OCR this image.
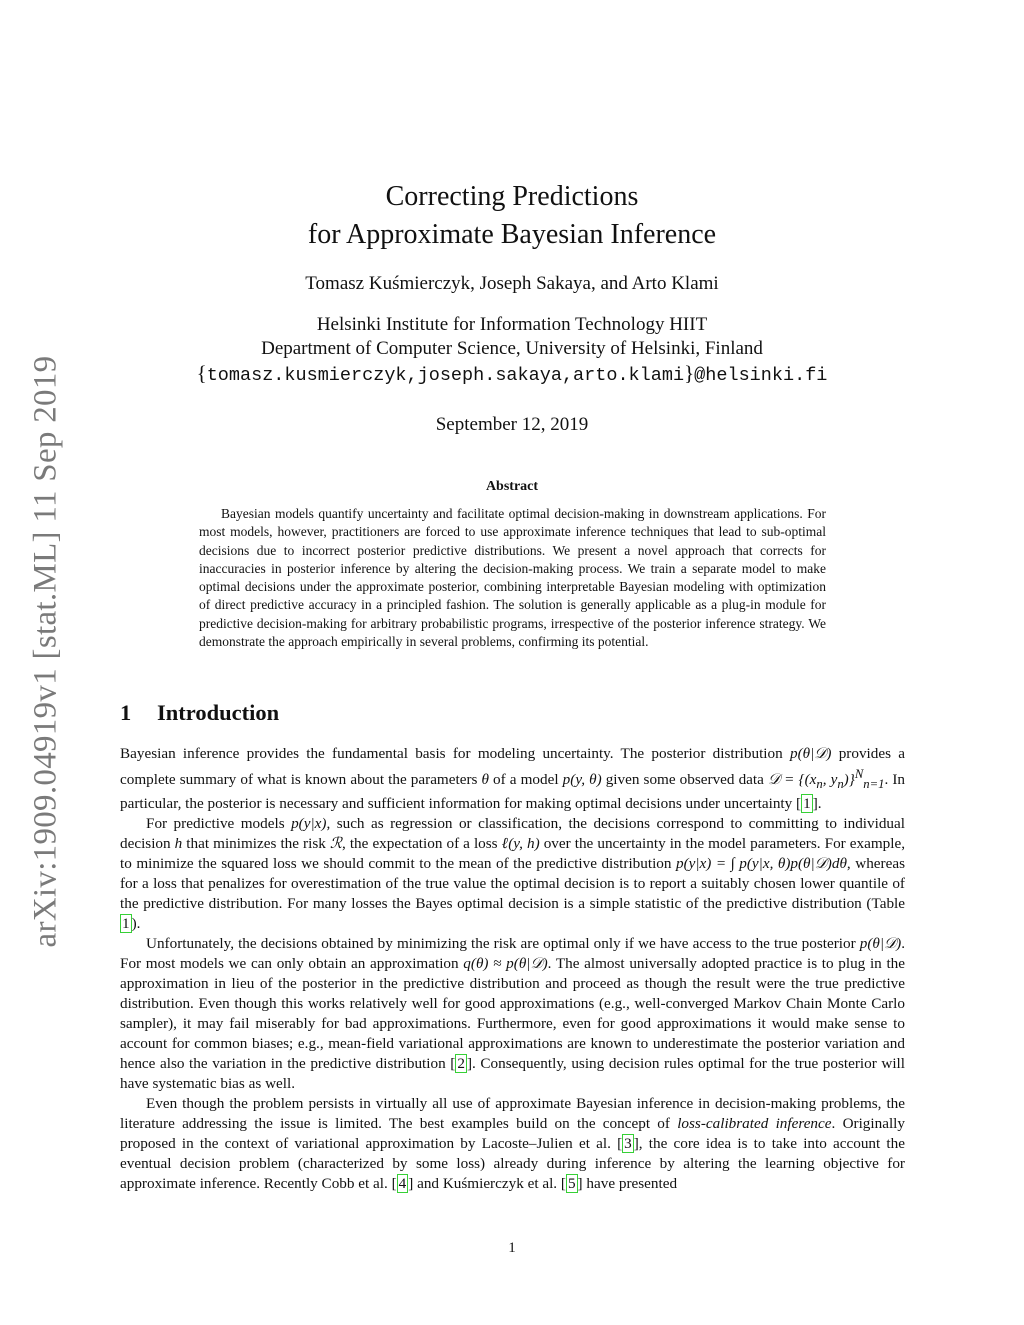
arXiv:1909.04919v1 [stat.ML] 11 Sep 2019
Correcting Predictions
for Approximate Bayesian Inference
Tomasz Kuśmierczyk, Joseph Sakaya, and Arto Klami
Helsinki Institute for Information Technology HIIT
Department of Computer Science, University of Helsinki, Finland
{tomasz.kusmierczyk,joseph.sakaya,arto.klami}@helsinki.fi
September 12, 2019
Abstract

Bayesian models quantify uncertainty and facilitate optimal decision-making in downstream applications. For most models, however, practitioners are forced to use approximate inference techniques that lead to sub-optimal decisions due to incorrect posterior predictive distributions. We present a novel approach that corrects for inaccuracies in posterior inference by altering the decision-making process. We train a separate model to make optimal decisions under the approximate posterior, combining interpretable Bayesian modeling with optimization of direct predictive accuracy in a principled fashion. The solution is generally applicable as a plug-in module for predictive decision-making for arbitrary probabilistic programs, irrespective of the posterior inference strategy. We demonstrate the approach empirically in several problems, confirming its potential.

1 Introduction

Bayesian inference provides the fundamental basis for modeling uncertainty. The posterior distribution p(θ|𝒟) provides a complete summary of what is known about the parameters θ of a model p(y, θ) given some observed data 𝒟 = {($x_n$, $y_n)\}^N_{n=1}$. In particular, the posterior is necessary and sufficient information for making optimal decisions under uncertainty [ 1 ].

For predictive models p(y|x), such as regression or classification, the decisions correspond to committing to individual decision h that minimizes the risk ℛ, the expectation of a loss ℓ(y, h) over the uncertainty in the model parameters. For example, to minimize the squared loss we should commit to the mean of the predictive distribution p(y|x) = ∫ p(y|x, θ)p(θ|𝒟)dθ, whereas for a loss that penalizes for overestimation of the true value the optimal decision is to report a suitably chosen lower quantile of the predictive distribution. For many losses the Bayes optimal decision is a simple statistic of the predictive distribution (Table 1 ).

Unfortunately, the decisions obtained by minimizing the risk are optimal only if we have access to the true posterior p(θ|𝒟). For most models we can only obtain an approximation q(θ) ≈ p(θ|𝒟). The almost universally adopted practice is to plug in the approximation in lieu of the posterior in the predictive distribution and proceed as though the result were the true predictive distribution. Even though this works relatively well for good approximations (e.g., well-converged Markov Chain Monte Carlo sampler), it may fail miserably for bad approximations. Furthermore, even for good approximations it would make sense to account for common biases; e.g., mean-field variational approximations are known to underestimate the posterior variation and hence also the variation in the predictive distribution [ 2 ]. Consequently, using decision rules optimal for the true posterior will have systematic bias as well.

Even though the problem persists in virtually all use of approximate Bayesian inference in decision-making problems, the literature addressing the issue is limited. The best examples build on the concept of loss-calibrated inference. Originally proposed in the context of variational approximation by Lacoste–Julien et al. [ 3 ], the core idea is to take into account the eventual decision problem (characterized by some loss) already during inference by altering the learning objective for approximate inference. Recently Cobb et al. [ 4 ] and Kuśmierczyk et al. [ 5 ] have presented

1
